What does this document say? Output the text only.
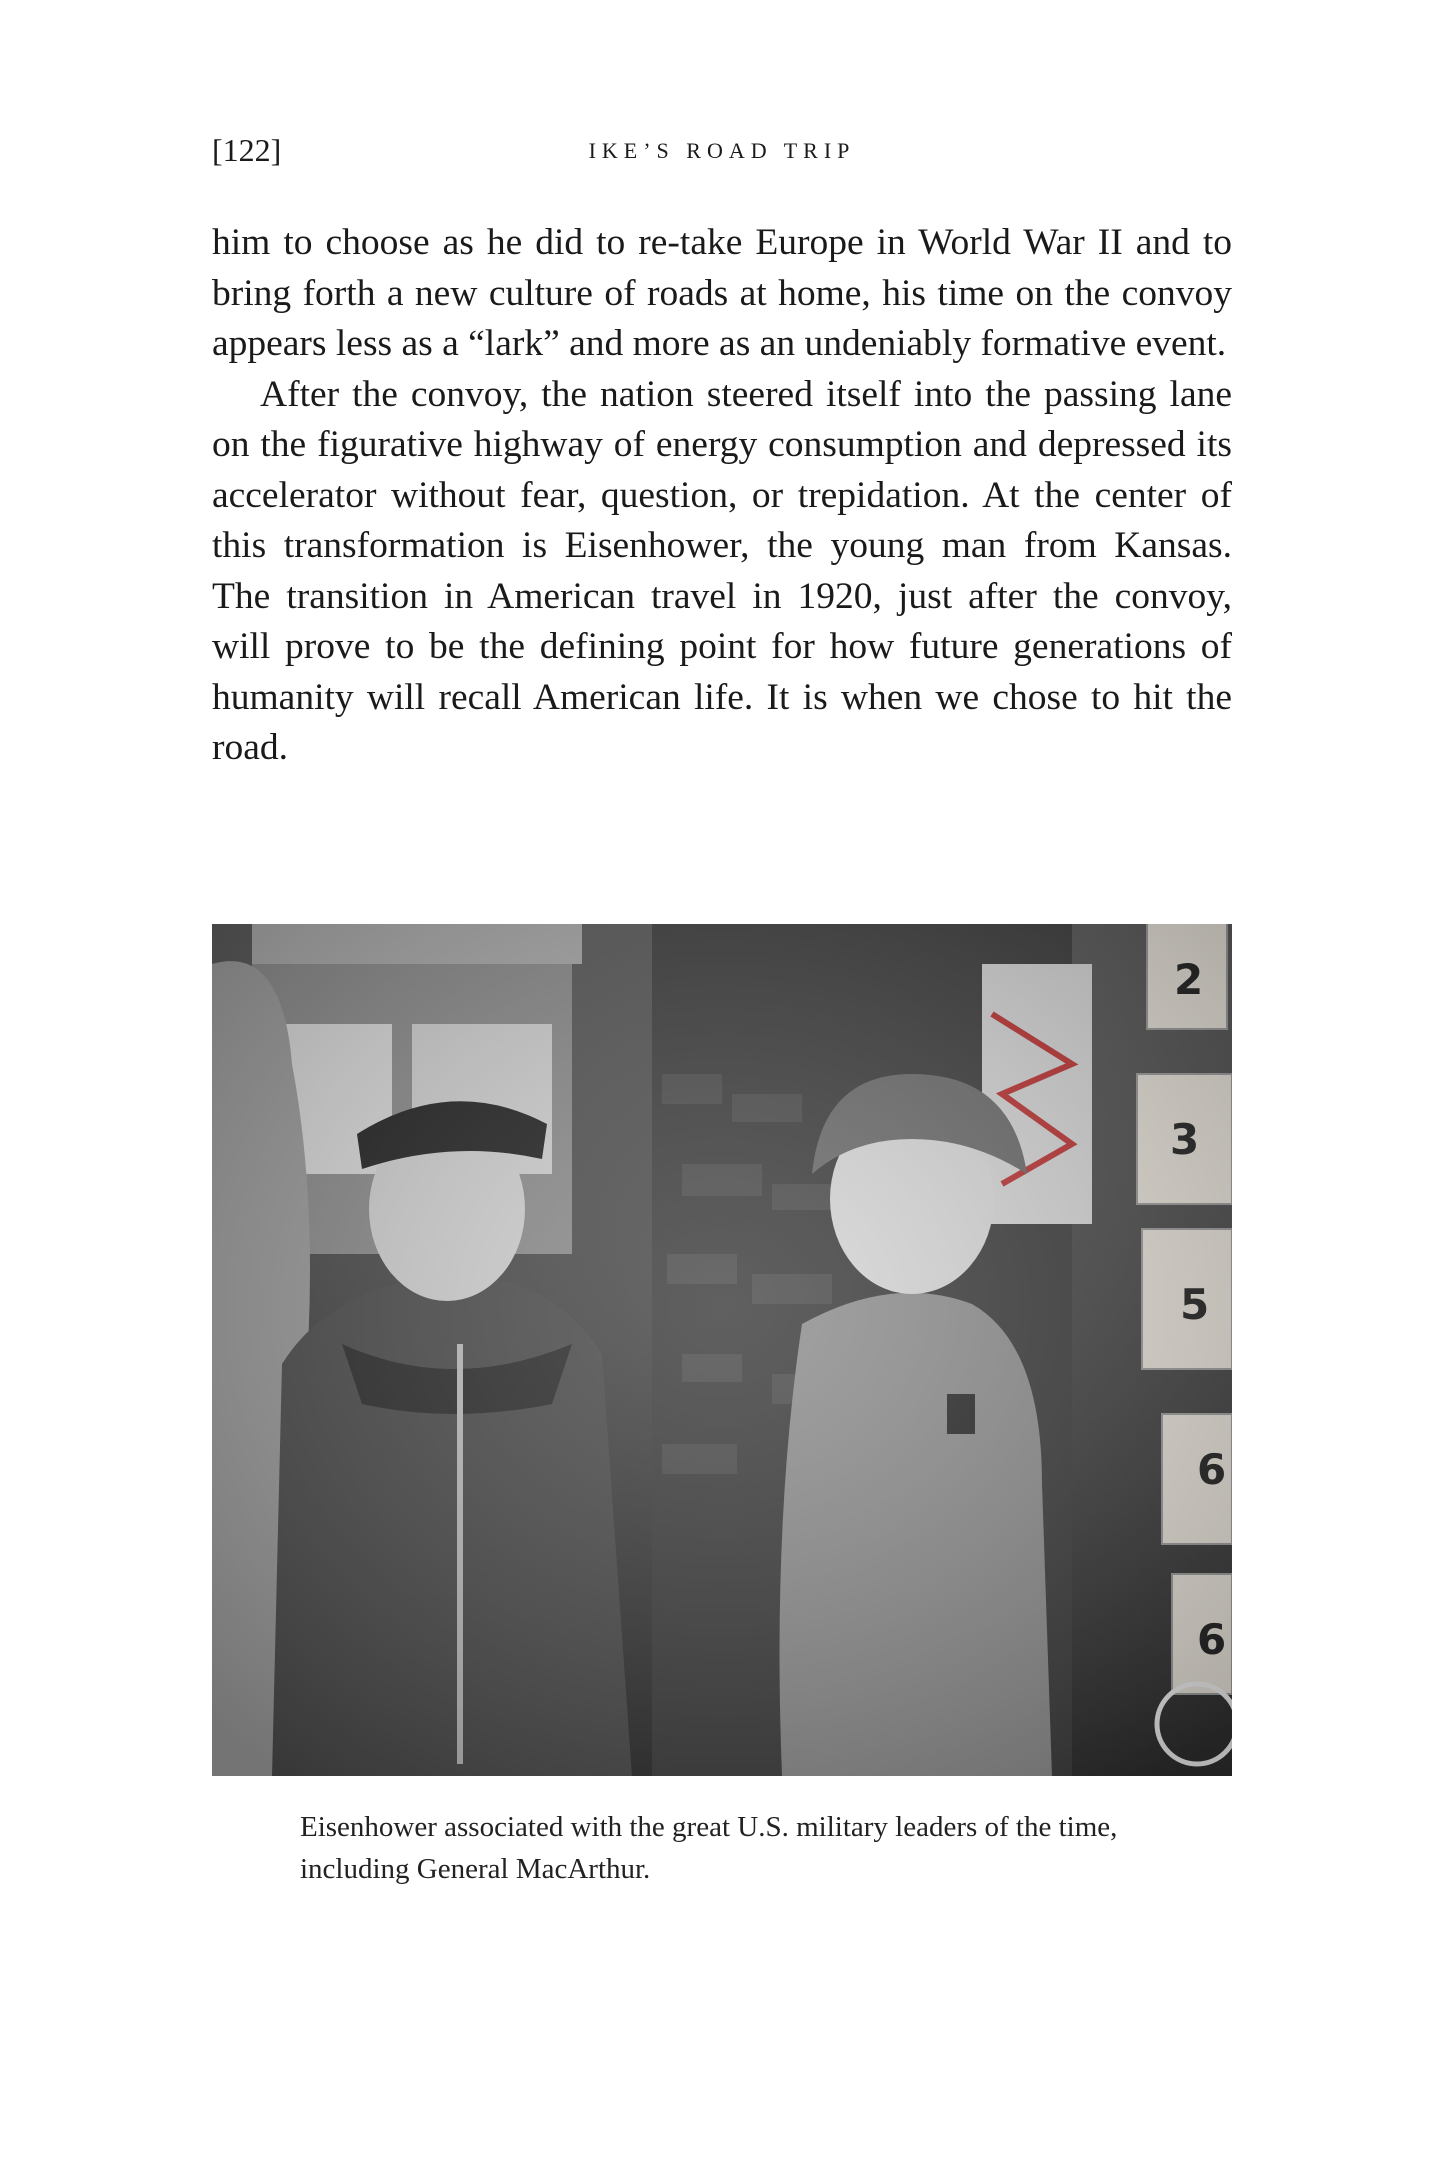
[122]	IKE’S ROAD TRIP

him to choose as he did to re-take Europe in World War II and to bring forth a new culture of roads at home, his time on the convoy appears less as a “lark” and more as an undeniably formative event.

After the convoy, the nation steered itself into the passing lane on the figurative highway of energy consumption and depressed its accelerator without fear, question, or trepidation. At the center of this transformation is Eisenhower, the young man from Kansas. The transition in American travel in 1920, just after the convoy, will prove to be the defining point for how future generations of humanity will recall American life. It is when we chose to hit the road.

Eisenhower associated with the great U.S. military leaders of the time, including General MacArthur.
